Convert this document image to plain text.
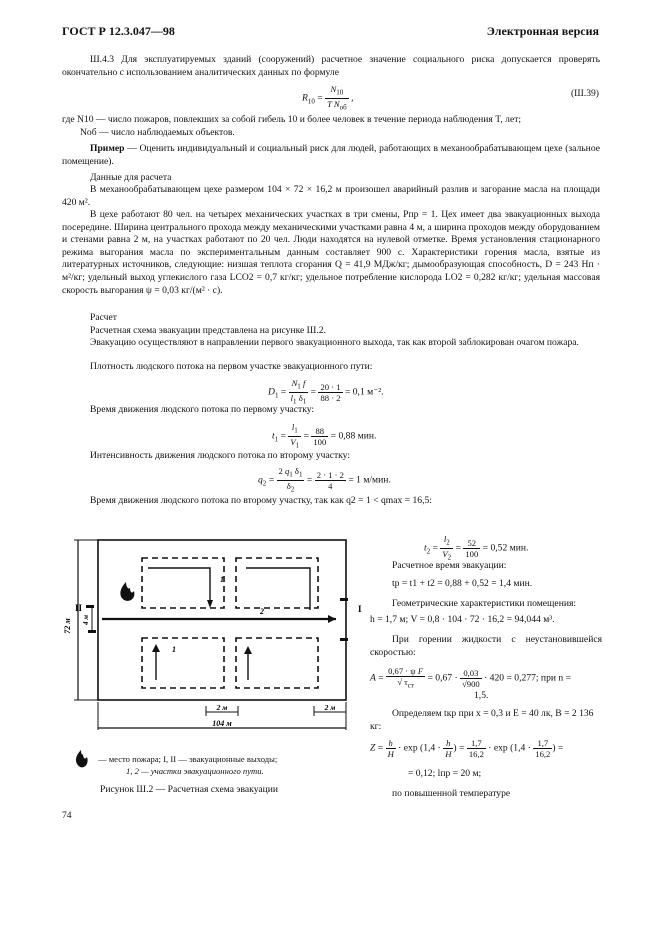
ГОСТ Р 12.3.047—98	Электронная версия
Ш.4.3 Для эксплуатируемых зданий (сооружений) расчетное значение социального риска допускается проверять окончательно с использованием аналитических данных по формуле
$R_{10} = \frac{N_{10}}{T N_{об}}$ ,	(Ш.39)
где N10 — число пожаров, повлекших за собой гибель 10 и более человек в течение периода наблюдения T, лет;
Nоб — число наблюдаемых объектов.
Пример — Оценить индивидуальный и социальный риск для людей, работающих в механообрабатывающем цехе (зальное помещение).
Данные для расчета
В механообрабатывающем цехе размером 104 × 72 × 16,2 м произошел аварийный разлив и загорание масла на площади 420 м².
В цехе работают 80 чел. на четырех механических участках в три смены, Pпр = 1. Цех имеет два эвакуационных выхода посередине. Ширина центрального прохода между механическими участками равна 4 м, а ширина проходов между оборудованием и стенами равна 2 м, на участках работают по 20 чел. Люди находятся на нулевой отметке. Время установления стационарного режима выгорания масла по экспериментальным данным составляет 900 с. Характеристики горения масла, взятые из литературных источников, следующие: низшая теплота сгорания Q = 41,9 МДж/кг; дымообразующая способность, D = 243 Нп · м²/кг; удельный выход углекислого газа LCO2 = 0,7 кг/кг; удельное потребление кислорода LO2 = 0,282 кг/кг; удельная массовая скорость выгорания ψ = 0,03 кг/(м² · с).
Расчет
Расчетная схема эвакуации представлена на рисунке Ш.2.
Эвакуацию осуществляют в направлении первого эвакуационного выхода, так как второй заблокирован очагом пожара.
Плотность людского потока на первом участке эвакуационного пути:
$D_1 = \frac{N_1 f}{l_1 \delta_1} = \frac{20 \cdot 1}{88 \cdot 2} = 0,1$ м⁻².
Время движения людского потока по первому участку:
$t_1 = \frac{l_1}{V_1} = \frac{88}{100} = 0,88$ мин.
Интенсивность движения людского потока по второму участку:
$q_2 = \frac{2 q_1 \delta_1}{\delta_2} = \frac{2 \cdot 1 \cdot 2}{4} = 1$ м/мин.
Время движения людского потока по второму участку, так как q2 = 1 < qmax = 16,5:
72 м 4 м
II	I
1
1
2
104 м
2 м	2 м
— место пожара; I, II — эвакуационные выходы;
1, 2 — участки эвакуационного пути.
Рисунок Ш.2 — Расчетная схема эвакуации
$t_2 = \frac{l_2}{V_2} = \frac{52}{100} = 0,52$ мин.
Расчетное время эвакуации:
tр = t1 + t2 = 0,88 + 0,52 = 1,4 мин.
Геометрические характеристики помещения:
h = 1,7 м; V = 0,8 · 104 · 72 · 16,2 = 94,044 м³.
При горении жидкости с неустановившейся скоростью:
$A = \frac{\text{0,67 · ψ F}}{√ \tau_{ст}} = 0,67 \cdot \frac{0,03}{√900} \cdot 420 = 0,277$; при n =
1,5.
Определяем tкр при x = 0,3 и E = 40 лк, B = 2 136 кг:
$Z = \frac{h}{H} \cdot \exp (1,4 \cdot \frac{h}{H}$ ) = $\frac{1,7}{16,2} \cdot \exp (1,4 \cdot \frac{1,7}{16,2}$ ) =
= 0,12; lпр = 20 м;
по повышенной температуре
74
